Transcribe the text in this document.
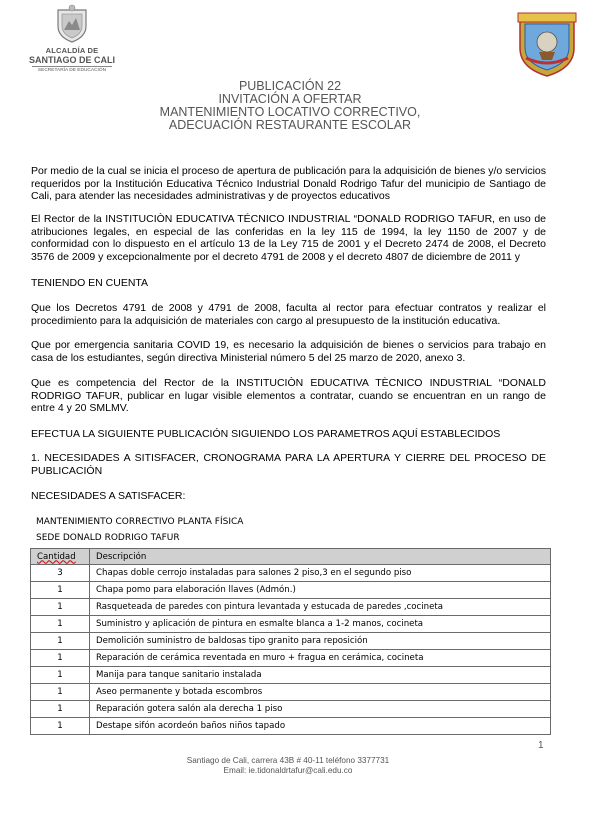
ALCALDÍA DE
SANTIAGO DE CALI
SECRETARÍA DE EDUCACIÓN
PUBLICACIÓN 22
INVITACIÓN A OFERTAR
MANTENIMIENTO LOCATIVO CORRECTIVO,
ADECUACIÓN RESTAURANTE ESCOLAR
Por medio de la cual se inicia el proceso de apertura de publicación para la adquisición de bienes y/o servicios requeridos por la Institución Educativa Técnico Industrial Donald Rodrigo Tafur del municipio de Santiago de Cali, para atender las necesidades administrativas y de proyectos educativos
El Rector de la INSTITUCIÒN EDUCATIVA TÉCNICO INDUSTRIAL “DONALD RODRIGO TAFUR, en uso de atribuciones legales, en especial de las conferidas en la ley 115 de 1994, la ley 1150 de 2007 y de conformidad con lo dispuesto en el artículo 13 de la Ley 715 de 2001 y el Decreto 2474 de 2008, el Decreto 3576 de 2009 y excepcionalmente por el decreto 4791 de 2008 y el decreto 4807 de diciembre de 2011 y
TENIENDO EN CUENTA
Que los Decretos 4791 de 2008 y 4791 de 2008, faculta al rector para efectuar contratos y realizar el procedimiento para la adquisición de materiales con cargo al presupuesto de la institución educativa.
Que por emergencia sanitaria COVID 19, es necesario la adquisición de bienes o servicios para trabajo en casa de los estudiantes, según directiva Ministerial número 5 del 25 marzo de 2020, anexo 3.
Que es competencia del Rector de la INSTITUCIÒN EDUCATIVA TÈCNICO INDUSTRIAL “DONALD RODRIGO TAFUR, publicar en lugar visible elementos a contratar, cuando se encuentran en un rango de entre 4 y 20 SMLMV.
EFECTUA LA SIGUIENTE PUBLICACIÓN SIGUIENDO LOS PARAMETROS AQUÍ ESTABLECIDOS
1. NECESIDADES A SITISFACER, CRONOGRAMA PARA LA APERTURA Y CIERRE DEL PROCESO DE PUBLICACIÓN
NECESIDADES A SATISFACER:
MANTENIMIENTO CORRECTIVO PLANTA FÍSICA
SEDE DONALD RODRIGO TAFUR
Cantidad	Descripción
3	Chapas doble cerrojo instaladas para salones 2 piso,3 en el segundo piso
1	Chapa pomo para elaboración llaves (Admón.)
1	Rasqueteada de paredes con pintura levantada y estucada de paredes ,cocineta
1	Suministro y aplicación de pintura en esmalte blanca a 1-2 manos, cocineta
1	Demolición suministro de baldosas tipo granito para reposición
1	Reparación de cerámica reventada en muro + fragua en cerámica, cocineta
1	Manija para tanque sanitario instalada
1	Aseo permanente y botada escombros
1	Reparación gotera salón ala derecha 1 piso
1	Destape sifón acordeón baños niños tapado
1
Santiago de Cali, carrera 43B # 40-11 teléfono 3377731
Email: ie.tidonaldrtafur@cali.edu.co
